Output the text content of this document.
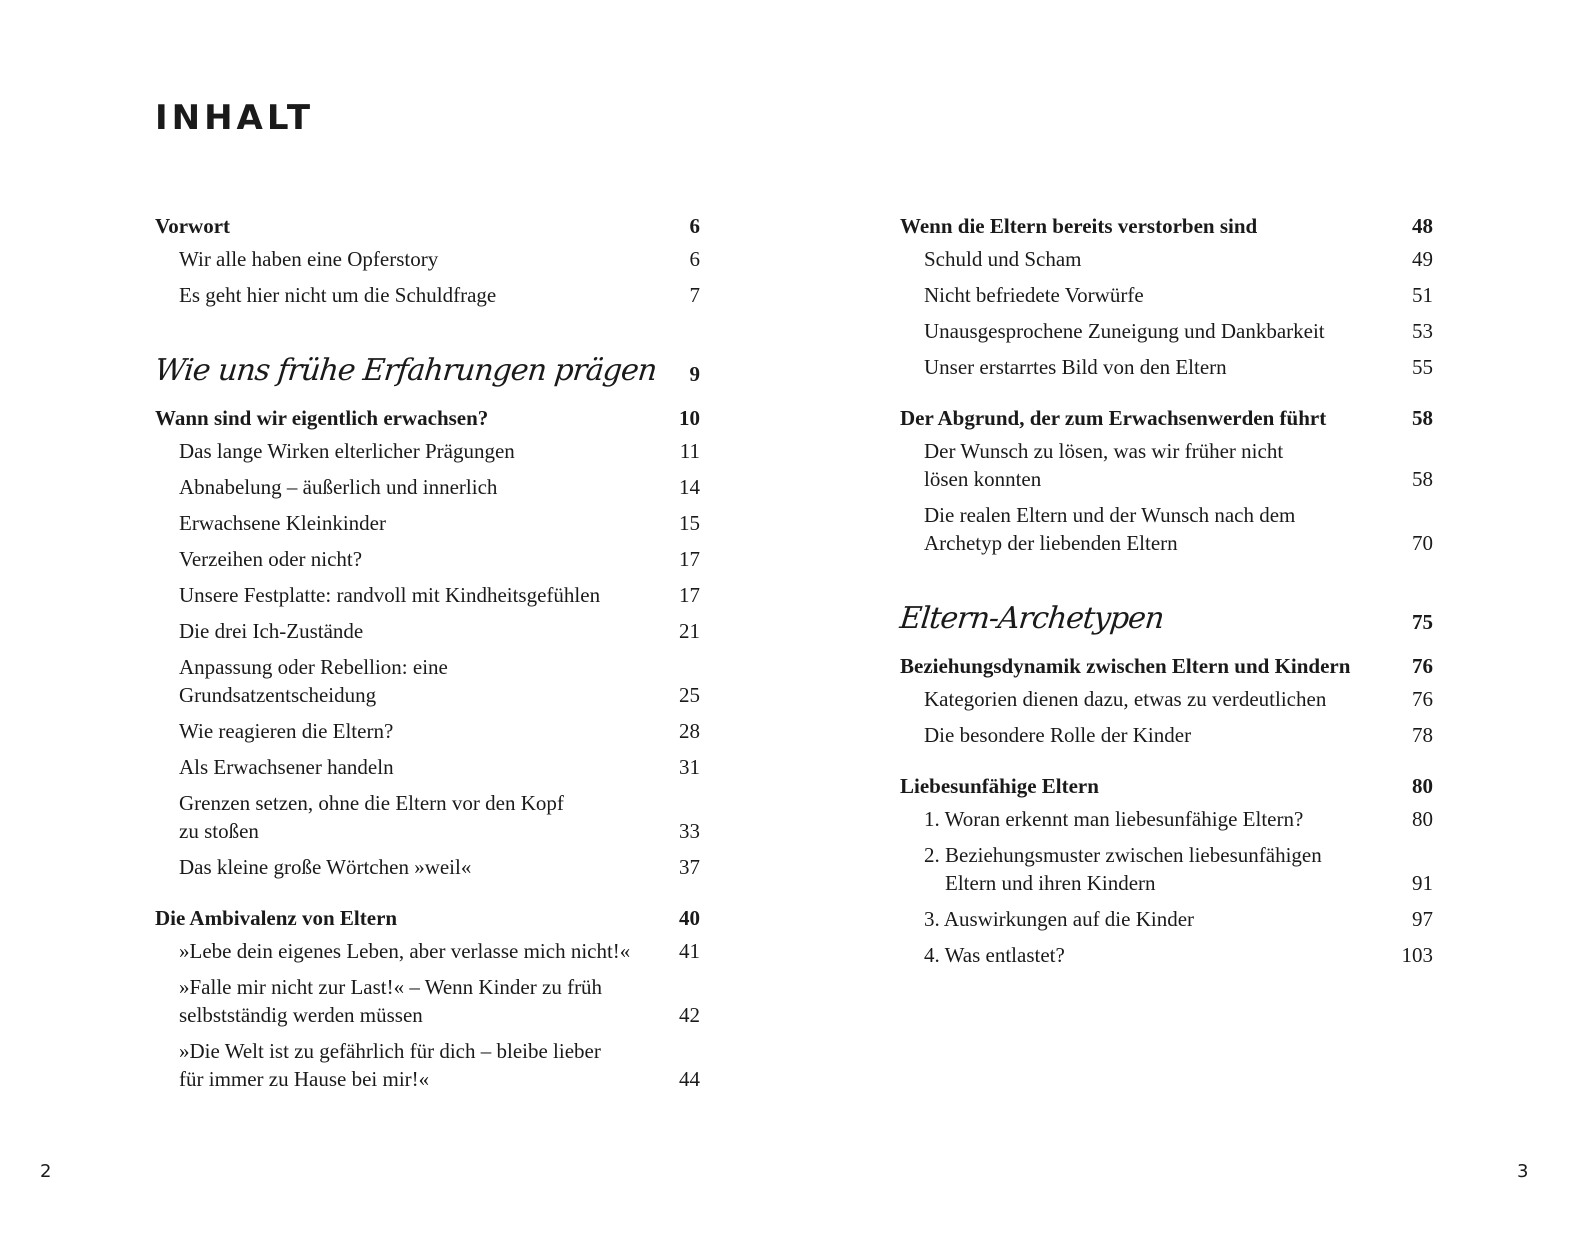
INHALT
Vorwort	6
Wir alle haben eine Opferstory	6
Es geht hier nicht um die Schuldfrage	7
Wie uns frühe Erfahrungen prägen 9
Wann sind wir eigentlich erwachsen?	10
Das lange Wirken elterlicher Prägungen	11
Abnabelung – äußerlich und innerlich	14
Erwachsene Kleinkinder	15
Verzeihen oder nicht?	17
Unsere Festplatte: randvoll mit Kindheitsgefühlen	17
Die drei Ich-Zustände	21
Anpassung oder Rebellion: eine Grundsatzentscheidung	25
Wie reagieren die Eltern?	28
Als Erwachsener handeln	31
Grenzen setzen, ohne die Eltern vor den Kopf zu stoßen	33
Das kleine große Wörtchen »weil«	37
Die Ambivalenz von Eltern	40
»Lebe dein eigenes Leben, aber verlasse mich nicht!«	41
»Falle mir nicht zur Last!« – Wenn Kinder zu früh selbstständig werden müssen	42
»Die Welt ist zu gefährlich für dich – bleibe lieber für immer zu Hause bei mir!«	44
Wenn die Eltern bereits verstorben sind	48
Schuld und Scham	49
Nicht befriedete Vorwürfe	51
Unausgesprochene Zuneigung und Dankbarkeit	53
Unser erstarrtes Bild von den Eltern	55
Der Abgrund, der zum Erwachsenwerden führt	58
Der Wunsch zu lösen, was wir früher nicht lösen konnten	58
Die realen Eltern und der Wunsch nach dem Archetyp der liebenden Eltern	70
Eltern-Archetypen	75
Beziehungsdynamik zwischen Eltern und Kindern	76
Kategorien dienen dazu, etwas zu verdeutlichen	76
Die besondere Rolle der Kinder	78
Liebesunfähige Eltern	80
1. Woran erkennt man liebesunfähige Eltern?	80
2. Beziehungsmuster zwischen liebesunfähigen Eltern und ihren Kindern	91
3. Auswirkungen auf die Kinder	97
4. Was entlastet?	103
2	3
